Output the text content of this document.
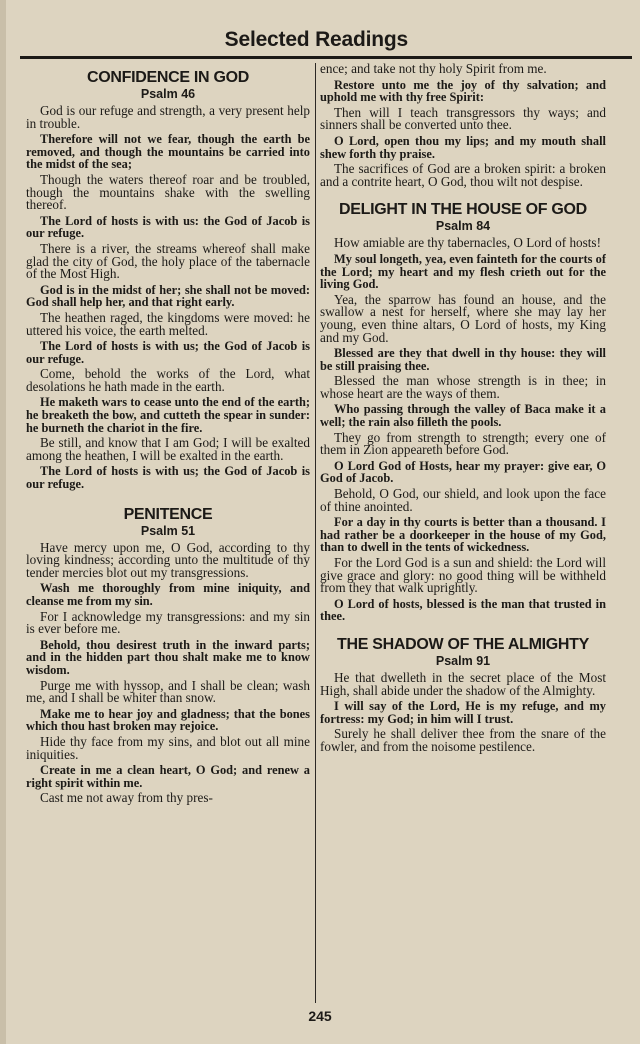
Selected Readings
CONFIDENCE IN GOD
Psalm 46

God is our refuge and strength, a very present help in trouble.

Therefore will not we fear, though the earth be removed, and though the mountains be carried into the midst of the sea;

Though the waters thereof roar and be troubled, though the mountains shake with the swelling thereof.

The Lord of hosts is with us: the God of Jacob is our refuge.

There is a river, the streams whereof shall make glad the city of God, the holy place of the tabernacle of the Most High.

God is in the midst of her; she shall not be moved: God shall help her, and that right early.

The heathen raged, the kingdoms were moved: he uttered his voice, the earth melted.

The Lord of hosts is with us; the God of Jacob is our refuge.

Come, behold the works of the Lord, what desolations he hath made in the earth.

He maketh wars to cease unto the end of the earth; he breaketh the bow, and cutteth the spear in sunder: he burneth the chariot in the fire.

Be still, and know that I am God; I will be exalted among the heathen, I will be exalted in the earth.

The Lord of hosts is with us; the God of Jacob is our refuge.

PENITENCE
Psalm 51

Have mercy upon me, O God, according to thy loving kindness; according unto the multitude of thy tender mercies blot out my transgressions.

Wash me thoroughly from mine iniquity, and cleanse me from my sin.

For I acknowledge my transgressions: and my sin is ever before me.

Behold, thou desirest truth in the inward parts; and in the hidden part thou shalt make me to know wisdom.

Purge me with hyssop, and I shall be clean; wash me, and I shall be whiter than snow.

Make me to hear joy and gladness; that the bones which thou hast broken may rejoice.

Hide thy face from my sins, and blot out all mine iniquities.

Create in me a clean heart, O God; and renew a right spirit within me.

Cast me not away from thy pres-

ence; and take not thy holy Spirit from me.

Restore unto me the joy of thy salvation; and uphold me with thy free Spirit:

Then will I teach transgressors thy ways; and sinners shall be converted unto thee.

O Lord, open thou my lips; and my mouth shall shew forth thy praise.

The sacrifices of God are a broken spirit: a broken and a contrite heart, O God, thou wilt not despise.

DELIGHT IN THE HOUSE OF GOD
Psalm 84

How amiable are thy tabernacles, O Lord of hosts!

My soul longeth, yea, even fainteth for the courts of the Lord; my heart and my flesh crieth out for the living God.

Yea, the sparrow has found an house, and the swallow a nest for herself, where she may lay her young, even thine altars, O Lord of hosts, my King and my God.

Blessed are they that dwell in thy house: they will be still praising thee.

Blessed the man whose strength is in thee; in whose heart are the ways of them.

Who passing through the valley of Baca make it a well; the rain also filleth the pools.

They go from strength to strength; every one of them in Zion appeareth before God.

O Lord God of Hosts, hear my prayer: give ear, O God of Jacob.

Behold, O God, our shield, and look upon the face of thine anointed.

For a day in thy courts is better than a thousand. I had rather be a doorkeeper in the house of my God, than to dwell in the tents of wickedness.

For the Lord God is a sun and shield: the Lord will give grace and glory: no good thing will be withheld from they that walk uprightly.

O Lord of hosts, blessed is the man that trusted in thee.

THE SHADOW OF THE ALMIGHTY
Psalm 91

He that dwelleth in the secret place of the Most High, shall abide under the shadow of the Almighty.

I will say of the Lord, He is my refuge, and my fortress: my God; in him will I trust.

Surely he shall deliver thee from the snare of the fowler, and from the noisome pestilence.

245
